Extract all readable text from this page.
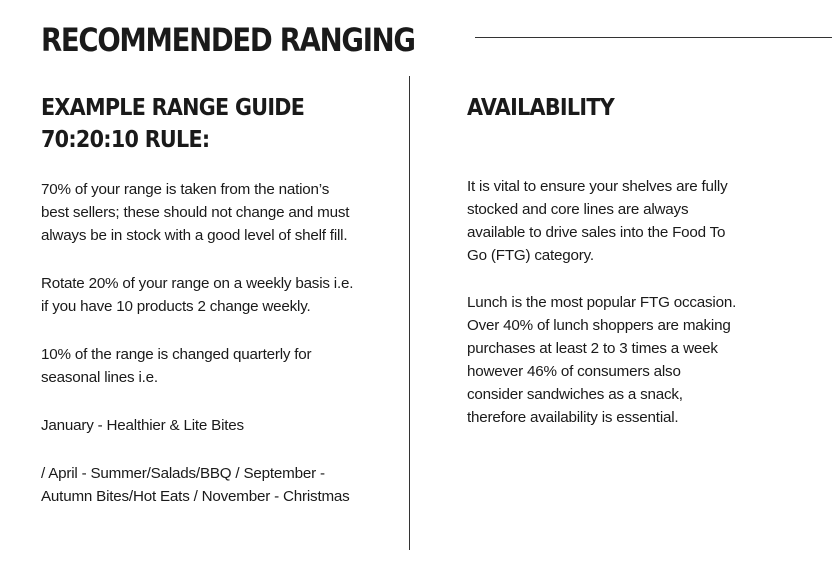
RECOMMENDED RANGING
EXAMPLE RANGE GUIDE
70:20:10 RULE:

70% of your range is taken from the nation’s
best sellers; these should not change and must
always be in stock with a good level of shelf fill.

Rotate 20% of your range on a weekly basis i.e.
if you have 10 products 2 change weekly.

10% of the range is changed quarterly for
seasonal lines i.e.

January - Healthier & Lite Bites

/ April - Summer/Salads/BBQ / September -
Autumn Bites/Hot Eats / November - Christmas

AVAILABILITY

It is vital to ensure your shelves are fully
stocked and core lines are always
available to drive sales into the Food To
Go (FTG) category.

Lunch is the most popular FTG occasion.
Over 40% of lunch shoppers are making
purchases at least 2 to 3 times a week
however 46% of consumers also
consider sandwiches as a snack,
therefore availability is essential.
